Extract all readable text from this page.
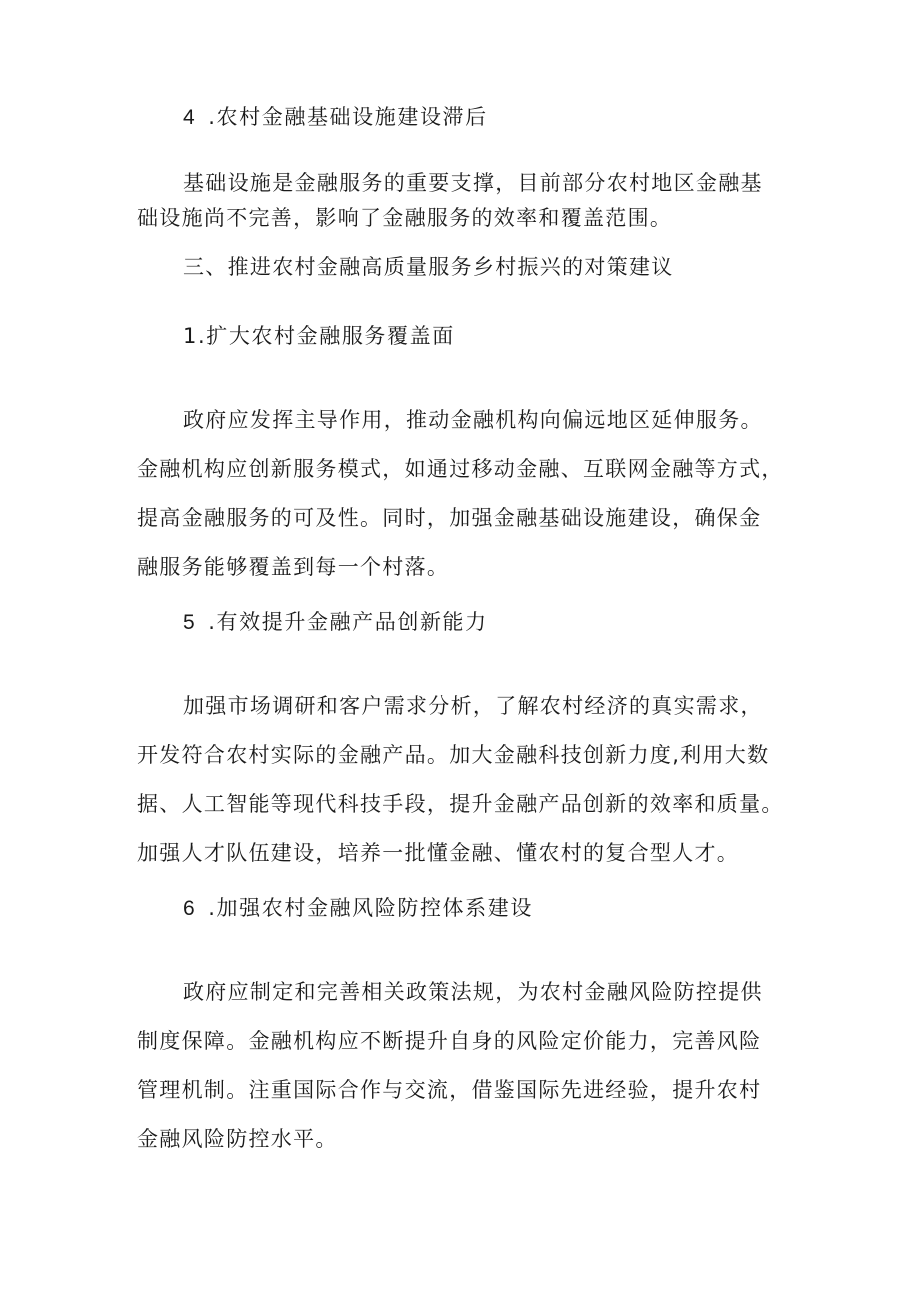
4 .农村金融基础设施建设滞后
基础设施是金融服务的重要支撑，目前部分农村地区金融基
础设施尚不完善，影响了金融服务的效率和覆盖范围。
三、推进农村金融高质量服务乡村振兴的对策建议
1.扩大农村金融服务覆盖面
政府应发挥主导作用，推动金融机构向偏远地区延伸服务。
金融机构应创新服务模式，如通过移动金融、互联网金融等方式，
提高金融服务的可及性。同时，加强金融基础设施建设，确保金
融服务能够覆盖到每一个村落。
5 .有效提升金融产品创新能力
加强市场调研和客户需求分析，了解农村经济的真实需求，
开发符合农村实际的金融产品。加大金融科技创新力度,利用大数
据、人工智能等现代科技手段，提升金融产品创新的效率和质量。
加强人才队伍建设，培养一批懂金融、懂农村的复合型人才。
6 .加强农村金融风险防控体系建设
政府应制定和完善相关政策法规，为农村金融风险防控提供
制度保障。金融机构应不断提升自身的风险定价能力，完善风险
管理机制。注重国际合作与交流，借鉴国际先进经验，提升农村
金融风险防控水平。
